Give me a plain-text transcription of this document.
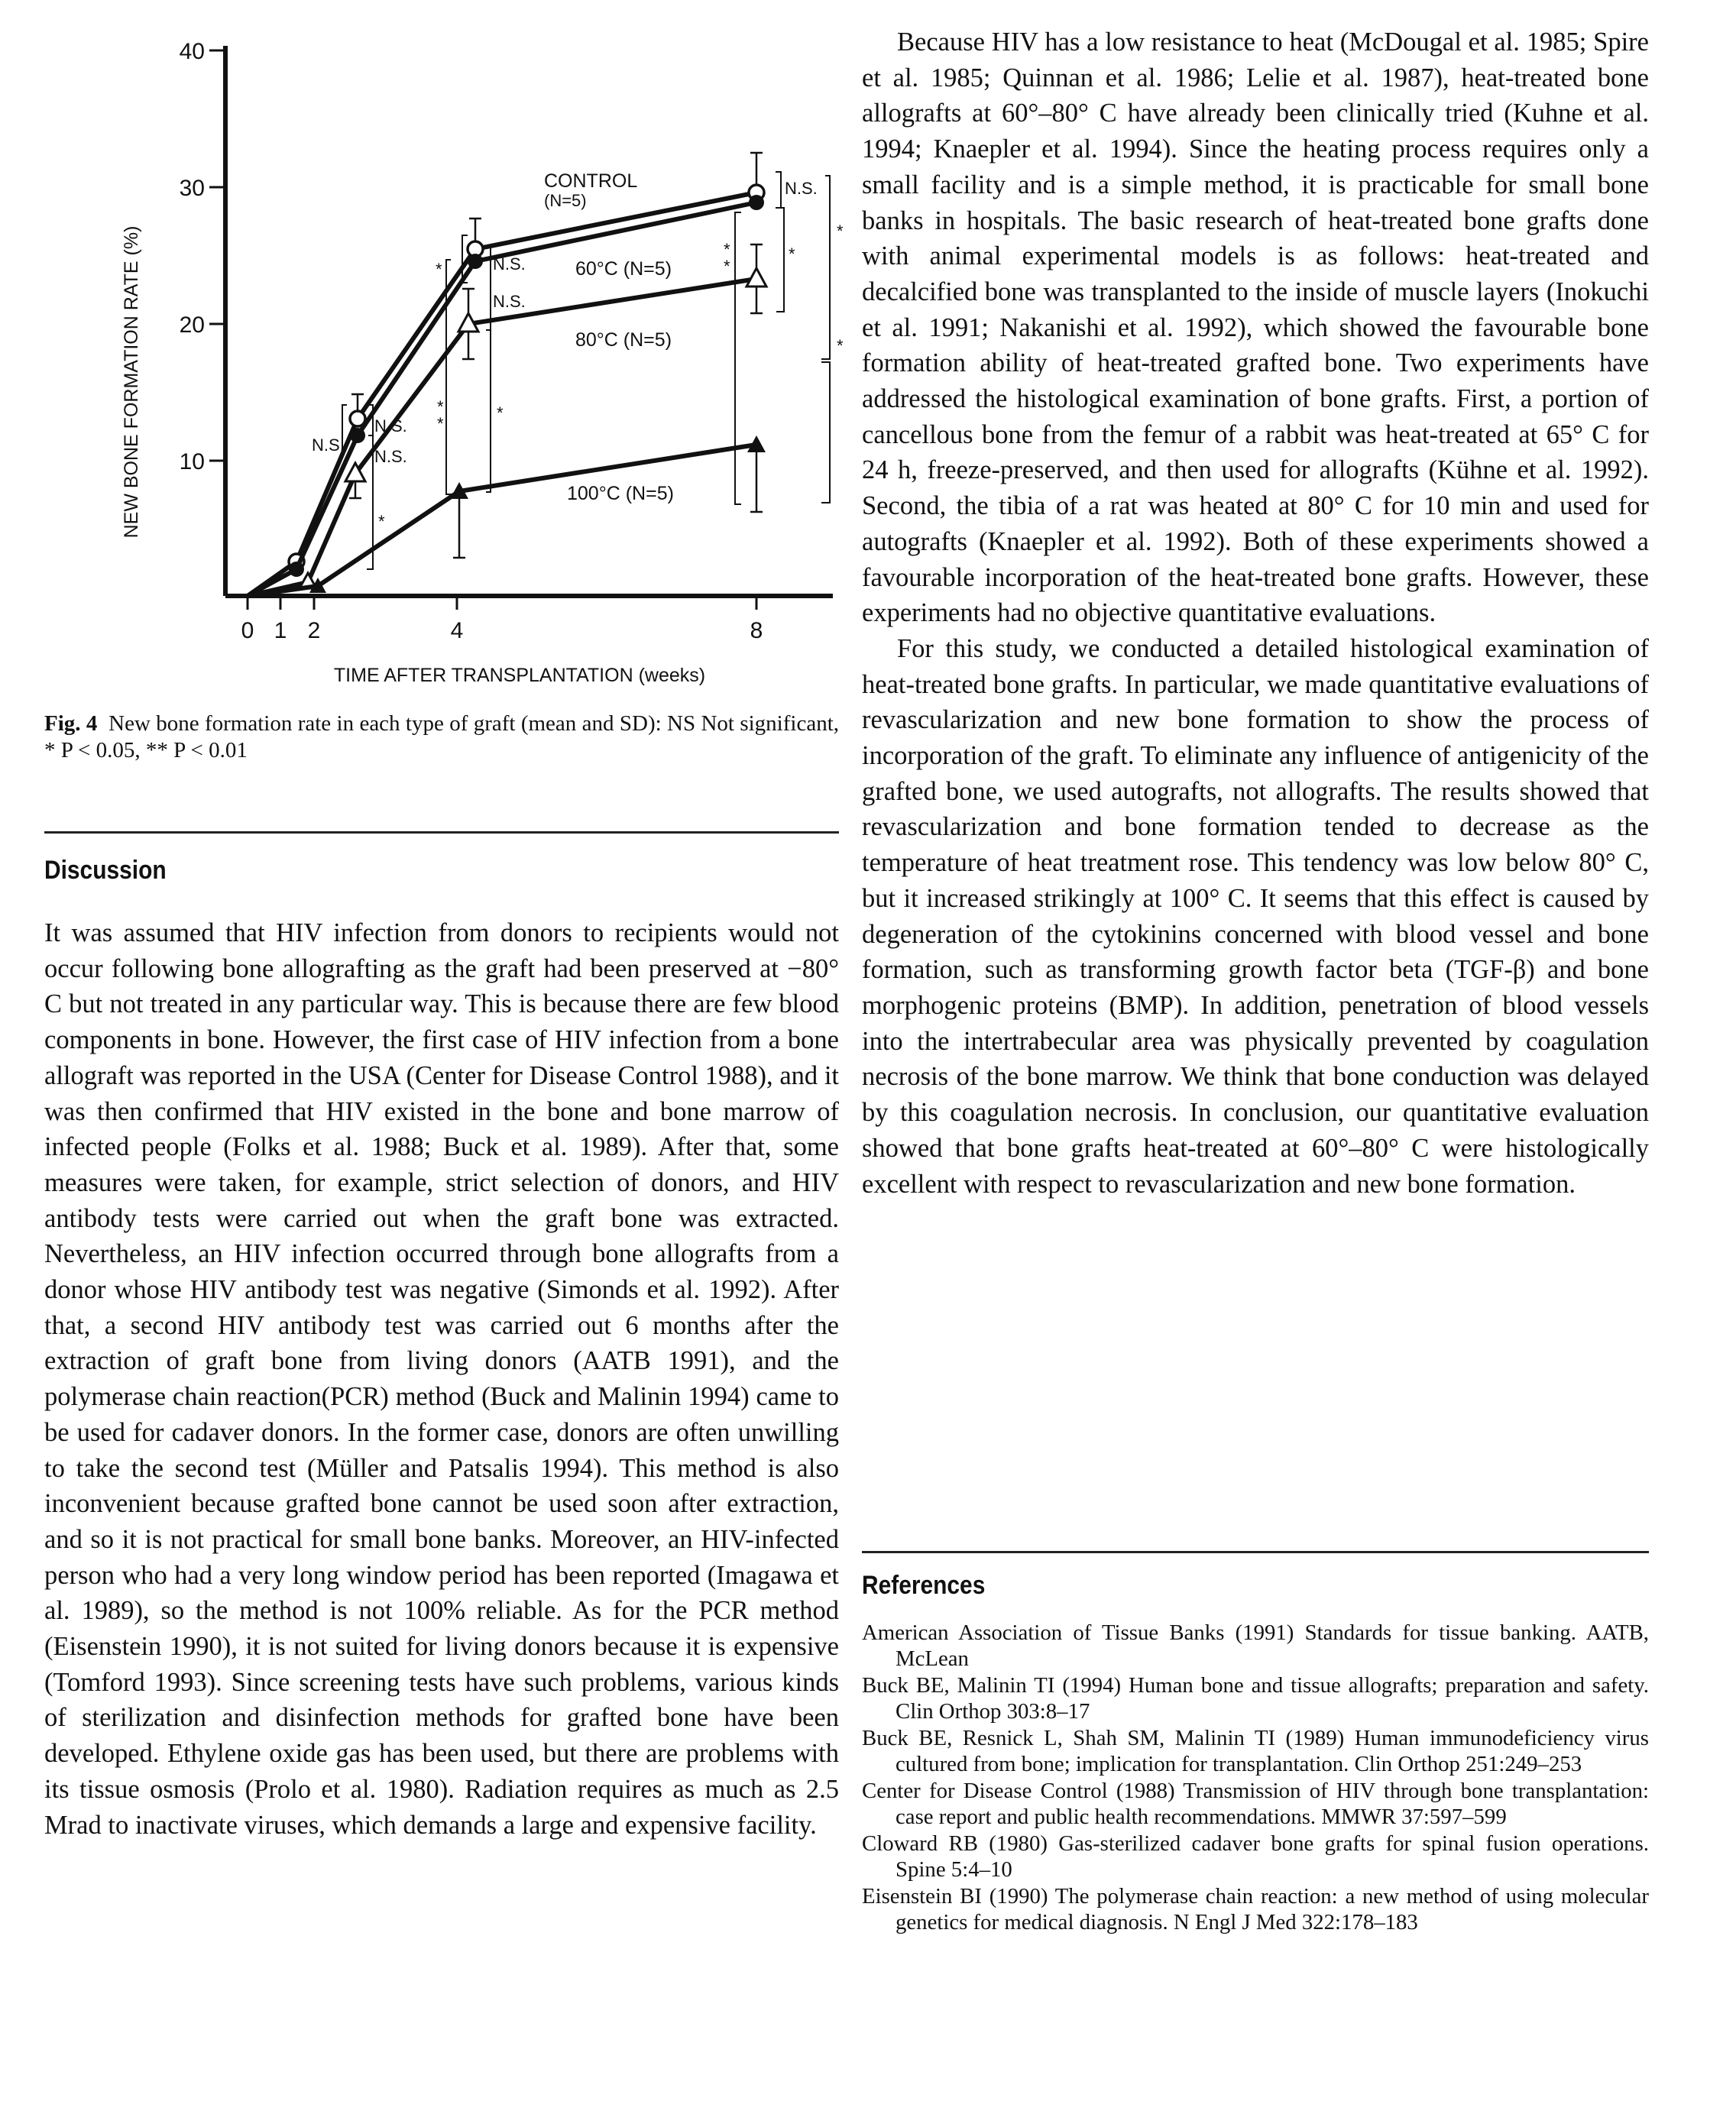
NEW BONE FORMATION RATE (%) 10
20
30
40
0 1 2	4	8
TIME AFTER TRANSPLANTATION (weeks)
CONTROL
(N=5)
60°C (N=5)
80°C (N=5)
100°C (N=5)
N.S.
*
*
*
*
*
N.S.
N.S.
*
*
*
*
N.S.
N.S.
N.S.
*
Fig. 4 New bone formation rate in each type of graft (mean and SD): NS Not significant, * P < 0.05, ** P < 0.01
Discussion

It was assumed that HIV infection from donors to recipients would not occur following bone allografting as the graft had been preserved at −80° C but not treated in any particular way. This is because there are few blood components in bone. However, the first case of HIV infection from a bone allograft was reported in the USA (Center for Disease Control 1988), and it was then confirmed that HIV existed in the bone and bone marrow of infected people (Folks et al. 1988; Buck et al. 1989). After that, some measures were taken, for example, strict selection of donors, and HIV antibody tests were carried out when the graft bone was extracted. Nevertheless, an HIV infection occurred through bone allografts from a donor whose HIV antibody test was negative (Simonds et al. 1992). After that, a second HIV antibody test was carried out 6 months after the extraction of graft bone from living donors (AATB 1991), and the polymerase chain reaction(PCR) method (Buck and Malinin 1994) came to be used for cadaver donors. In the former case, donors are often unwilling to take the second test (Müller and Patsalis 1994). This method is also inconvenient because grafted bone cannot be used soon after extraction, and so it is not practical for small bone banks. Moreover, an HIV-infected person who had a very long window period has been reported (Imagawa et al. 1989), so the method is not 100% reliable. As for the PCR method (Eisenstein 1990), it is not suited for living donors because it is expensive (Tomford 1993). Since screening tests have such problems, various kinds of sterilization and disinfection methods for grafted bone have been developed. Ethylene oxide gas has been used, but there are problems with its tissue osmosis (Prolo et al. 1980). Radiation requires as much as 2.5 Mrad to inactivate viruses, which demands a large and expensive facility.

Because HIV has a low resistance to heat (McDougal et al. 1985; Spire et al. 1985; Quinnan et al. 1986; Lelie et al. 1987), heat-treated bone allografts at 60°–80° C have already been clinically tried (Kuhne et al. 1994; Knaepler et al. 1994). Since the heating process requires only a small facility and is a simple method, it is practicable for small bone banks in hospitals. The basic research of heat-treated bone grafts done with animal experimental models is as follows: heat-treated and decalcified bone was transplanted to the inside of muscle layers (Inokuchi et al. 1991; Nakanishi et al. 1992), which showed the favourable bone formation ability of heat-treated grafted bone. Two experiments have addressed the histological examination of bone grafts. First, a portion of cancellous bone from the femur of a rabbit was heat-treated at 65° C for 24 h, freeze-preserved, and then used for allografts (Kühne et al. 1992). Second, the tibia of a rat was heated at 80° C for 10 min and used for autografts (Knaepler et al. 1992). Both of these experiments showed a favourable incorporation of the heat-treated bone grafts. However, these experiments had no objective quantitative evaluations.

For this study, we conducted a detailed histological examination of heat-treated bone grafts. In particular, we made quantitative evaluations of revascularization and new bone formation to show the process of incorporation of the graft. To eliminate any influence of antigenicity of the grafted bone, we used autografts, not allografts. The results showed that revascularization and bone formation tended to decrease as the temperature of heat treatment rose. This tendency was low below 80° C, but it increased strikingly at 100° C. It seems that this effect is caused by degeneration of the cytokinins concerned with blood vessel and bone formation, such as transforming growth factor beta (TGF-β) and bone morphogenic proteins (BMP). In addition, penetration of blood vessels into the intertrabecular area was physically prevented by coagulation necrosis of the bone marrow. We think that bone conduction was delayed by this coagulation necrosis. In conclusion, our quantitative evaluation showed that bone grafts heat-treated at 60°–80° C were histologically excellent with respect to revascularization and new bone formation.

References

American Association of Tissue Banks (1991) Standards for tissue banking. AATB, McLean

Buck BE, Malinin TI (1994) Human bone and tissue allografts; preparation and safety. Clin Orthop 303:8–17

Buck BE, Resnick L, Shah SM, Malinin TI (1989) Human immunodeficiency virus cultured from bone; implication for transplantation. Clin Orthop 251:249–253

Center for Disease Control (1988) Transmission of HIV through bone transplantation: case report and public health recommendations. MMWR 37:597–599

Cloward RB (1980) Gas-sterilized cadaver bone grafts for spinal fusion operations. Spine 5:4–10

Eisenstein BI (1990) The polymerase chain reaction: a new method of using molecular genetics for medical diagnosis. N Engl J Med 322:178–183
